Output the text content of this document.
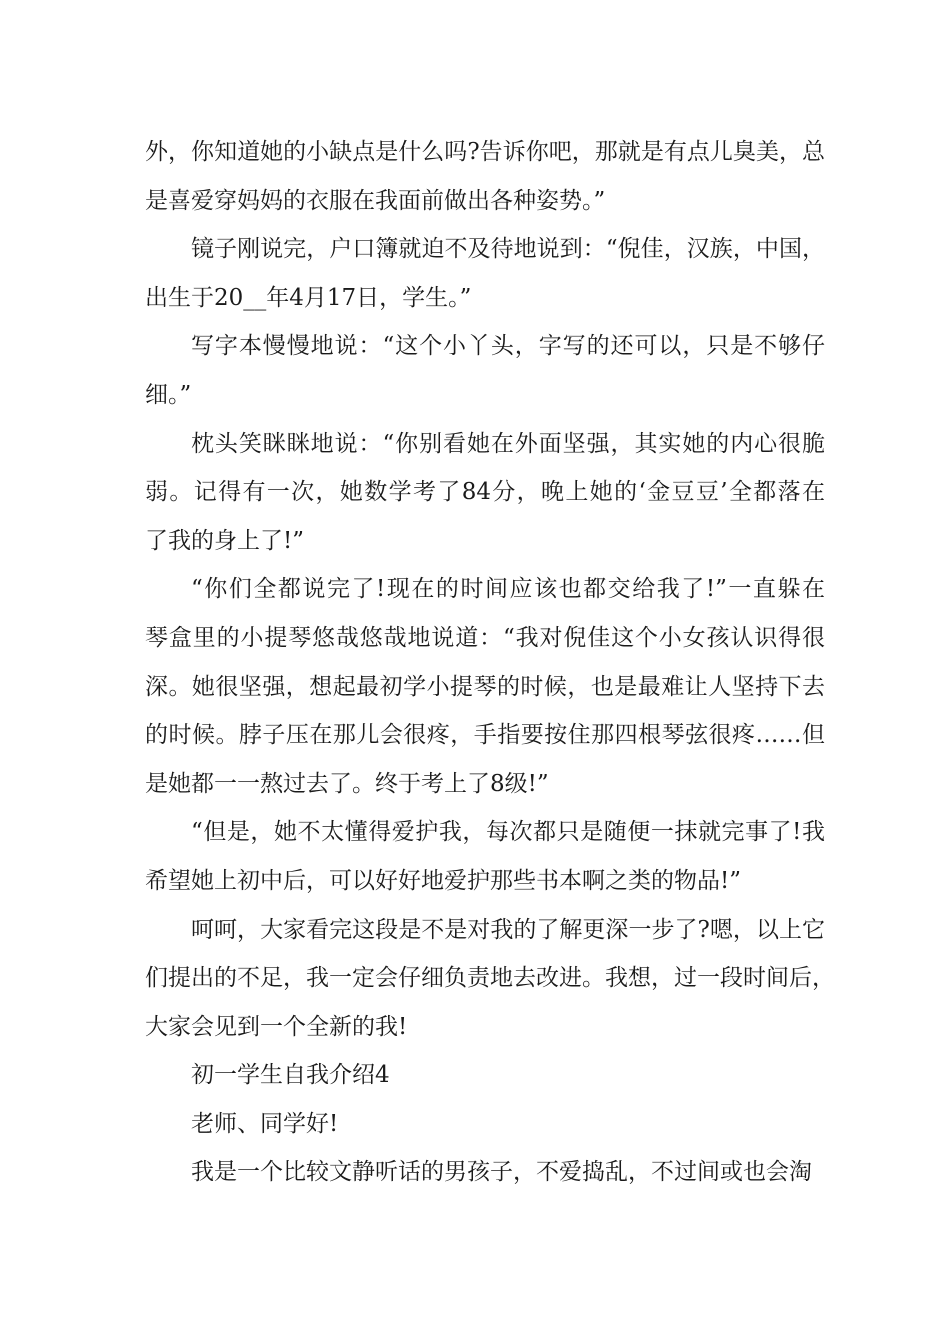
外，你知道她的小缺点是什么吗?告诉你吧，那就是有点儿臭美，总
是喜爱穿妈妈的衣服在我面前做出各种姿势。”

镜子刚说完，户口簿就迫不及待地说到：“倪佳，汉族，中国，
出生于20__年4月17日，学生。”

写字本慢慢地说：“这个小丫头，字写的还可以，只是不够仔
细。”

枕头笑眯眯地说：“你别看她在外面坚强，其实她的内心很脆
弱。记得有一次，她数学考了84分，晚上她的‘金豆豆’全都落在
了我的身上了!”

“你们全都说完了!现在的时间应该也都交给我了!”一直躲在
琴盒里的小提琴悠哉悠哉地说道：“我对倪佳这个小女孩认识得很
深。她很坚强，想起最初学小提琴的时候，也是最难让人坚持下去
的时候。脖子压在那儿会很疼，手指要按住那四根琴弦很疼……但
是她都一一熬过去了。终于考上了8级!”

“但是，她不太懂得爱护我，每次都只是随便一抹就完事了!我
希望她上初中后，可以好好地爱护那些书本啊之类的物品!”

呵呵，大家看完这段是不是对我的了解更深一步了?嗯，以上它
们提出的不足，我一定会仔细负责地去改进。我想，过一段时间后，
大家会见到一个全新的我!

初一学生自我介绍4

老师、同学好!

我是一个比较文静听话的男孩子，不爱捣乱，不过间或也会淘
